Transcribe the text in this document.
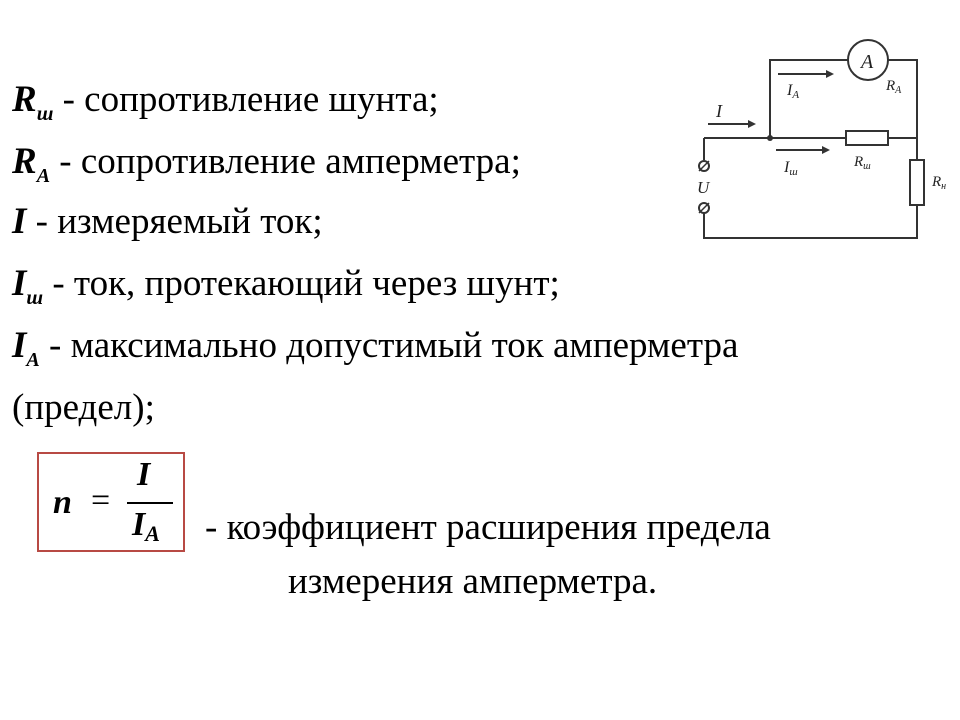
$R_ш$ - сопротивление шунта;
$R_A$ - сопротивление амперметра;
I - измеряемый ток;
$I_ш$ - ток, протекающий через шунт;
$I_A$ - максимально допустимый ток амперметра
(предел);
n =
I
IA - коэффициент расширения предела
измерения амперметра.
A
I
IA
$R_A$
Iш
$R_ш$
U	$R_н$
